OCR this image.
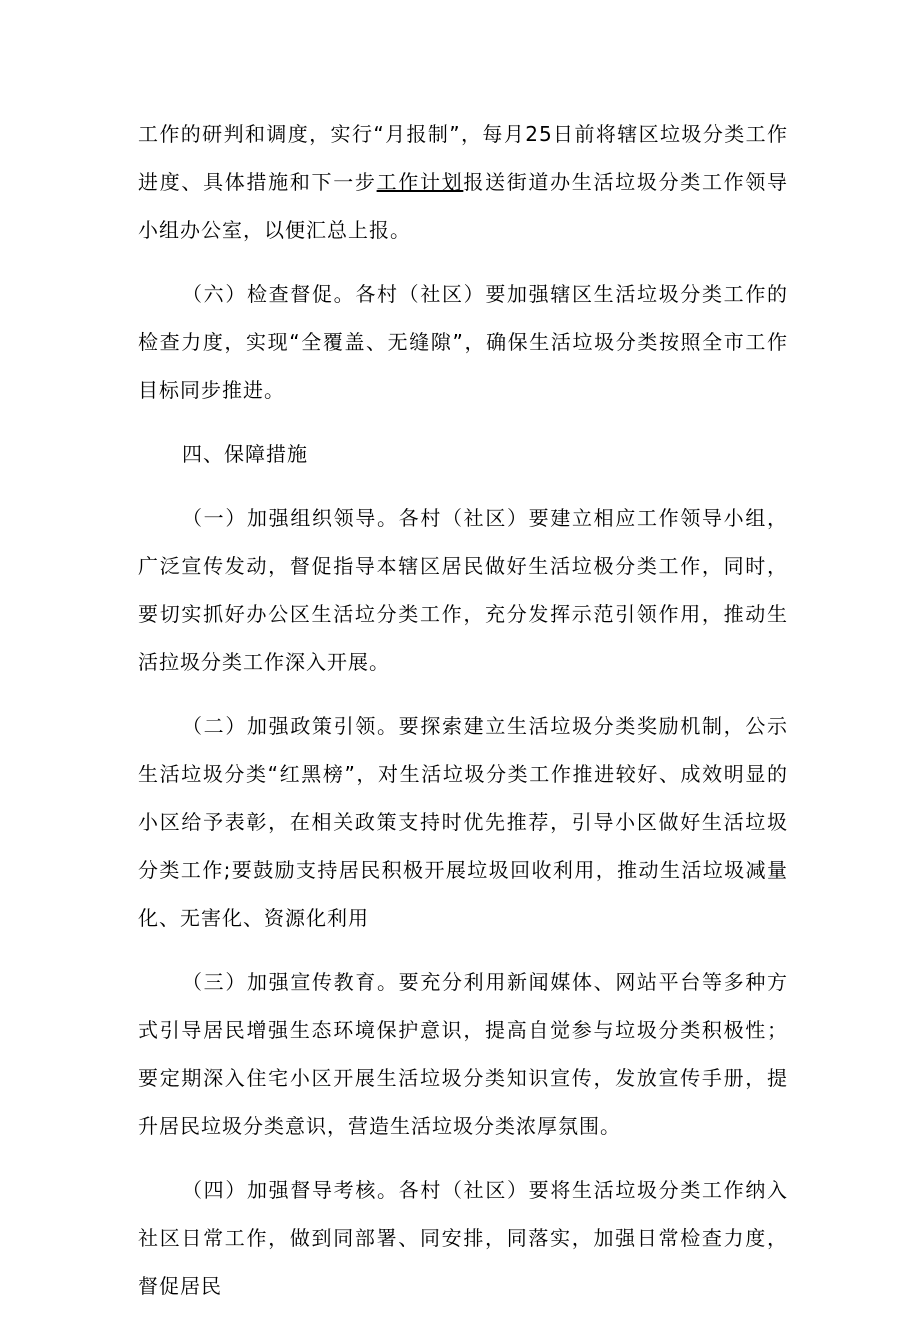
工作的研判和调度，实行“月报制”，每月25日前将辖区垃圾分类工作进度、具体措施和下一步工作计划报送街道办生活垃圾分类工作领导小组办公室，以便汇总上报。

（六）检查督促。各村（社区）要加强辖区生活垃圾分类工作的检查力度，实现“全覆盖、无缝隙”，确保生活垃圾分类按照全市工作目标同步推进。

四、保障措施

（一）加强组织领导。各村（社区）要建立相应工作领导小组，广泛宣传发动，督促指导本辖区居民做好生活垃极分类工作，同时，要切实抓好办公区生活垃分类工作，充分发挥示范引领作用，推动生活拉圾分类工作深入开展。

（二）加强政策引领。要探索建立生活垃圾分类奖励机制，公示生活垃圾分类“红黑榜”，对生活垃圾分类工作推进较好、成效明显的小区给予表彰，在相关政策支持时优先推荐，引导小区做好生活垃圾分类工作;要鼓励支持居民积极开展垃圾回收利用，推动生活垃圾减量化、无害化、资源化利用

（三）加强宣传教育。要充分利用新闻媒体、网站平台等多种方式引导居民增强生态环境保护意识，提高自觉参与垃圾分类积极性；要定期深入住宅小区开展生活垃圾分类知识宣传，发放宣传手册，提升居民垃圾分类意识，营造生活垃圾分类浓厚氛围。

（四）加强督导考核。各村（社区）要将生活垃圾分类工作纳入社区日常工作，做到同部署、同安排，同落实，加强日常检查力度，督促居民
